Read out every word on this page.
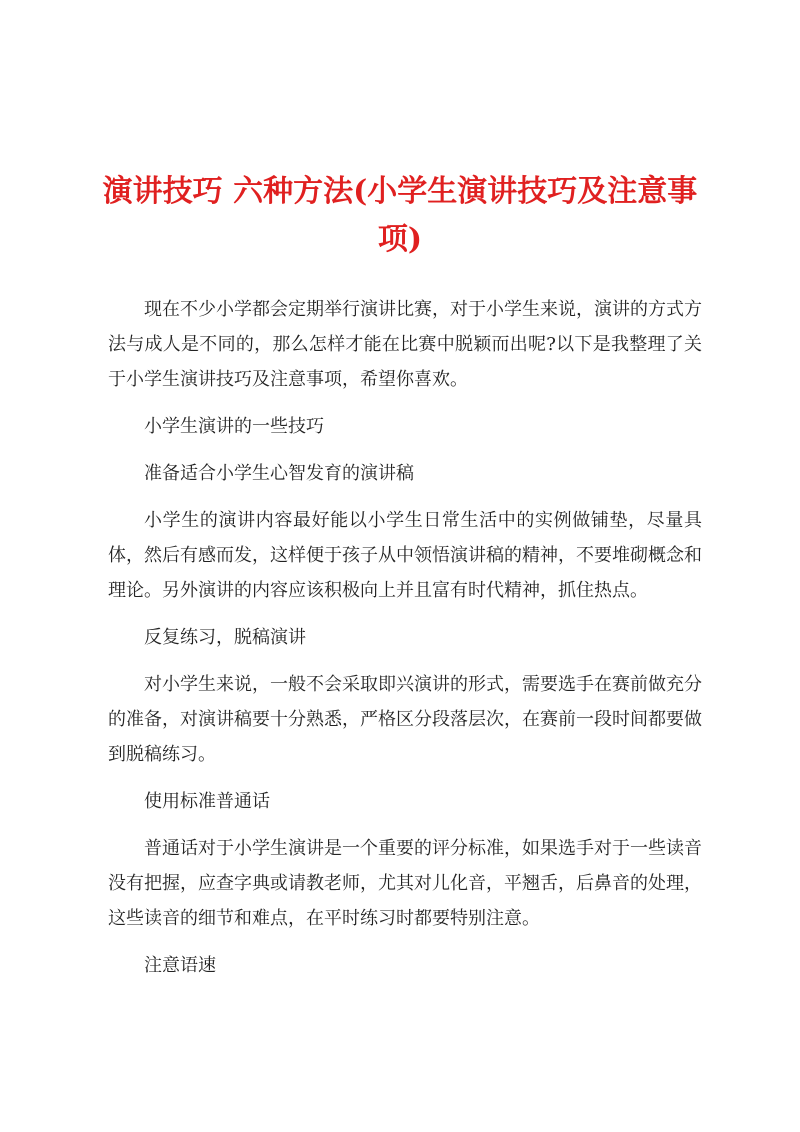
演讲技巧 六种方法(小学生演讲技巧及注意事项)

现在不少小学都会定期举行演讲比赛，对于小学生来说，演讲的方式方法与成人是不同的，那么怎样才能在比赛中脱颖而出呢?以下是我整理了关于小学生演讲技巧及注意事项，希望你喜欢。

小学生演讲的一些技巧

准备适合小学生心智发育的演讲稿

小学生的演讲内容最好能以小学生日常生活中的实例做铺垫，尽量具体，然后有感而发，这样便于孩子从中领悟演讲稿的精神，不要堆砌概念和理论。另外演讲的内容应该积极向上并且富有时代精神，抓住热点。

反复练习，脱稿演讲

对小学生来说，一般不会采取即兴演讲的形式，需要选手在赛前做充分的准备，对演讲稿要十分熟悉，严格区分段落层次，在赛前一段时间都要做到脱稿练习。

使用标准普通话

普通话对于小学生演讲是一个重要的评分标准，如果选手对于一些读音没有把握，应查字典或请教老师，尤其对儿化音，平翘舌，后鼻音的处理，这些读音的细节和难点，在平时练习时都要特别注意。

注意语速
